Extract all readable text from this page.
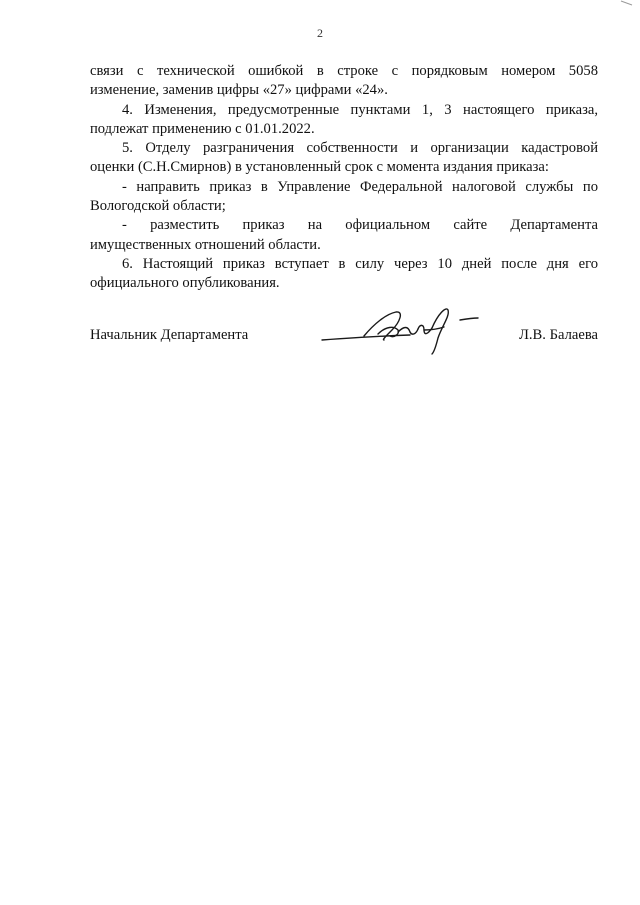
2

связи с технической ошибкой в строке с порядковым номером 5058

изменение, заменив цифры «27» цифрами «24».

4. Изменения, предусмотренные пунктами 1, 3 настоящего приказа,

подлежат применению с 01.01.2022.

5. Отделу разграничения собственности и организации кадастровой

оценки (С.Н.Смирнов) в установленный срок с момента издания приказа:

- направить приказ в Управление Федеральной налоговой службы по

Вологодской области;

- разместить приказ на официальном сайте Департамента

имущественных отношений области.

6. Настоящий приказ вступает в силу через 10 дней после дня его

официального опубликования.

Начальник Департамента	Л.В. Балаева
